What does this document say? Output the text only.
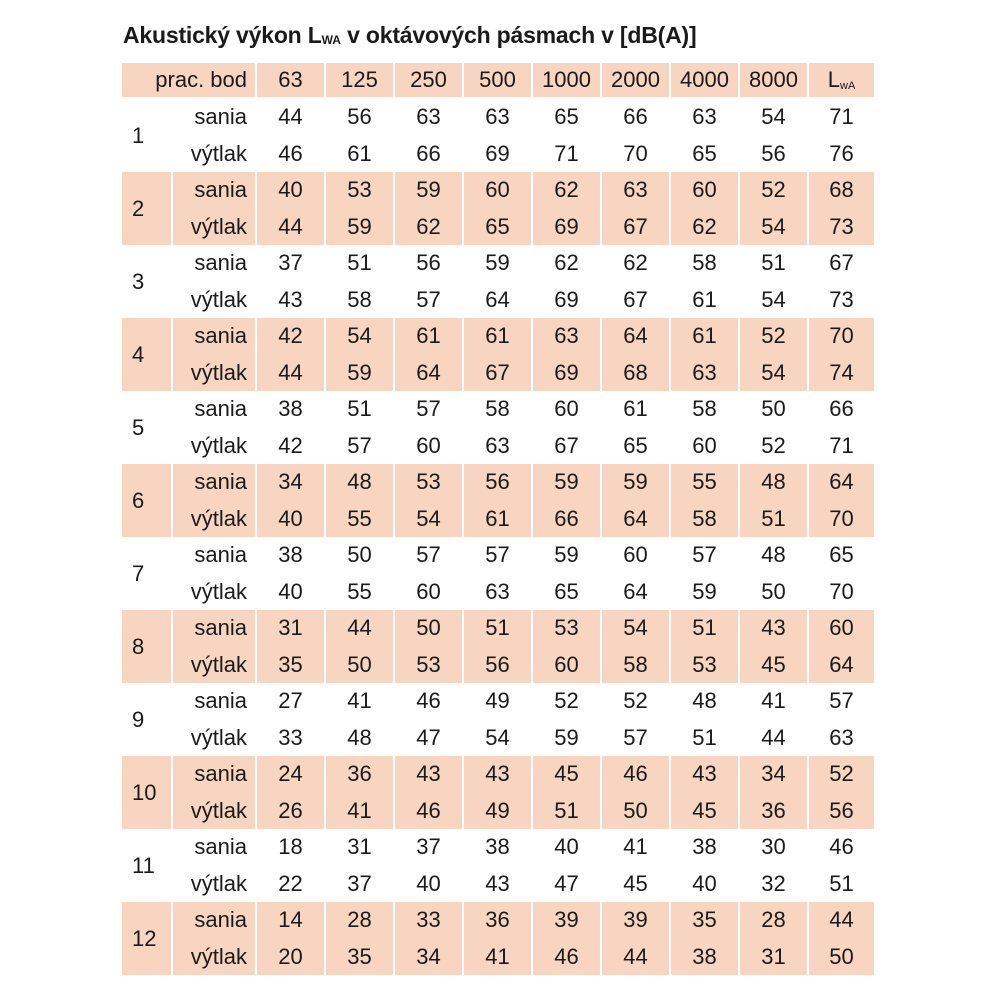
Akustický výkon LWA v oktávových pásmach v [dB(A)]
prac. bod		63	125	250	500	1000	2000	4000	8000	LwA
1	sania	44	56	63	63	65	66	63	54	71
	výtlak	46	61	66	69	71	70	65	56	76
2	sania	40	53	59	60	62	63	60	52	68
	výtlak	44	59	62	65	69	67	62	54	73
3	sania	37	51	56	59	62	62	58	51	67
	výtlak	43	58	57	64	69	67	61	54	73
4	sania	42	54	61	61	63	64	61	52	70
	výtlak	44	59	64	67	69	68	63	54	74
5	sania	38	51	57	58	60	61	58	50	66
	výtlak	42	57	60	63	67	65	60	52	71
6	sania	34	48	53	56	59	59	55	48	64
	výtlak	40	55	54	61	66	64	58	51	70
7	sania	38	50	57	57	59	60	57	48	65
	výtlak	40	55	60	63	65	64	59	50	70
8	sania	31	44	50	51	53	54	51	43	60
	výtlak	35	50	53	56	60	58	53	45	64
9	sania	27	41	46	49	52	52	48	41	57
	výtlak	33	48	47	54	59	57	51	44	63
10	sania	24	36	43	43	45	46	43	34	52
	výtlak	26	41	46	49	51	50	45	36	56
11	sania	18	31	37	38	40	41	38	30	46
	výtlak	22	37	40	43	47	45	40	32	51
12	sania	14	28	33	36	39	39	35	28	44
	výtlak	20	35	34	41	46	44	38	31	50
